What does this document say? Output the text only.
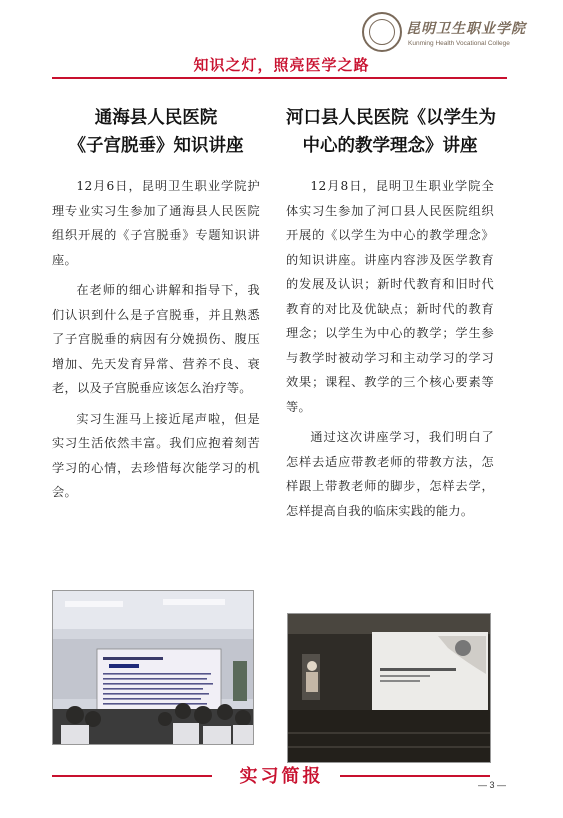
昆明卫生职业学院
Kunming Health Vocational College
知识之灯，照亮医学之路
通海县人民医院
《子宫脱垂》知识讲座

12月6日，昆明卫生职业学院护理专业实习生参加了通海县人民医院组织开展的《子宫脱垂》专题知识讲座。

在老师的细心讲解和指导下，我们认识到什么是子宫脱垂，并且熟悉了子宫脱垂的病因有分娩损伤、腹压增加、先天发育异常、营养不良、衰老，以及子宫脱垂应该怎么治疗等。

实习生涯马上接近尾声啦，但是实习生活依然丰富。我们应抱着刻苦学习的心情，去珍惜每次能学习的机会。

河口县人民医院《以学生为
中心的教学理念》讲座

12月8日，昆明卫生职业学院全体实习生参加了河口县人民医院组织开展的《以学生为中心的教学理念》的知识讲座。讲座内容涉及医学教育的发展及认识；新时代教育和旧时代教育的对比及优缺点；新时代的教育理念；以学生为中心的教学；学生参与教学时被动学习和主动学习的学习效果；课程、教学的三个核心要素等等。

通过这次讲座学习，我们明白了怎样去适应带教老师的带教方法，怎样跟上带教老师的脚步，怎样去学，怎样提高自我的临床实践的能力。

实习简报	— 3 —
